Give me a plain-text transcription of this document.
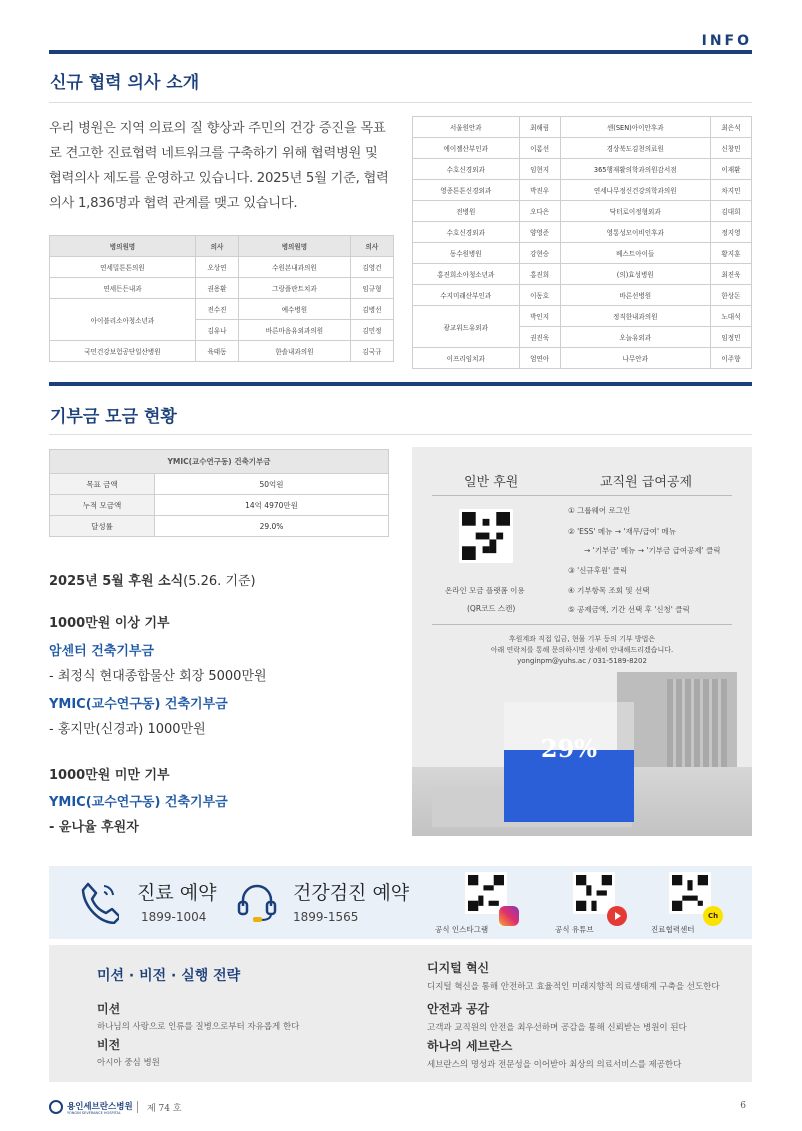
INFO
신규 협력 의사 소개
우리 병원은 지역 의료의 질 향상과 주민의 건강 증진을 목표로 견고한 진료협력 네트워크를 구축하기 위해 협력병원 및 협력의사 제도를 운영하고 있습니다. 2025년 5월 기준, 협력의사 1,836명과 협력 관계를 맺고 있습니다.
병의원명	의사	병의원명	의사
연세밀튼튼의원	오상연	수원본내과의원	김영건
연세든든내과	권용환	그랑플란트치과	임규형
아이블리소아청소년과	전수진	예수병원	김병선
	김유나	바른마음유외과의원	김민정
국민건강보험공단일산병원	육태동	한솔내과의원	김국규
서울원안과	최해림	센(SEN)아이안후과	최은석
에이젤산부인과	이롬선	경상북도김천의료원	신창민
수호신경외과	임현지	365행재활의학과의원감서점	이재환
영종튼튼신경외과	박진우	연세나무정신건강의학과의원	차지민
전병원	오다은	닥터로이정형외과	김대희
수호신경외과	양영준	영통성모이비인후과	정지영
동수원병원	강현승	베스트아이들	황지훈
홍진희소아청소년과	홍진희	(의)효성병원	최진욱
수지미래산부인과	이동호	바른선병원	한상돈
광교위드유외과	박인지	정직한내과의원	노대석
	권진욱	오늘유외과	임정민
이프리임치과	엄연아	나무안과	이주향
기부금 모금 현황
YMIC(교수연구동) 건축기부금	
목표 금액	50억원
누적 모금액	14억 4970만원
달성률	29.0%
2025년 5월 후원 소식(5.26. 기준)
1000만원 이상 기부
암센터 건축기부금
- 최정식 현대종합물산 회장 5000만원
YMIC(교수연구동) 건축기부금
- 홍지만(신경과) 1000만원
1000만원 미만 기부
YMIC(교수연구동) 건축기부금
- 윤나율 후원자
일반 후원	교직원 급여공제
온라인 모금 플랫폼 이용
(QR코드 스캔)
① 그룹웨어 로그인
② 'ESS' 메뉴 → '재무/급여' 메뉴
→ '기부금' 메뉴 → '기부금 급여공제' 클릭
③ '신규후원' 클릭
④ 기부항목 조회 및 선택
⑤ 공제금액, 기간 선택 후 '신청' 클릭
후원계좌 직접 입금, 현물 기부 등의 기부 방법은
아래 연락처를 통해 문의하시면 상세히 안내해드리겠습니다.
yonginpm@yuhs.ac / 031-5189-8202
29%
진료 예약
1899-1004
건강검진 예약
1899-1565
공식 인스타그램	공식 유튜브
Ch
진료협력센터
미션 · 비전 · 실행 전략
미션
하나님의 사랑으로 인류를 질병으로부터 자유롭게 한다
비전
아시아 중심 병원
디지털 혁신
디지털 혁신을 통해 안전하고 효율적인 미래지향적 의료생태계 구축을 선도한다
안전과 공감
고객과 교직원의 안전을 최우선하며 공감을 통해 신뢰받는 병원이 된다
하나의 세브란스
세브란스의 명성과 전문성을 이어받아 최상의 의료서비스를 제공한다
용인세브란스병원
YONGIN SEVERANCE HOSPITAL	제 74 호	6
